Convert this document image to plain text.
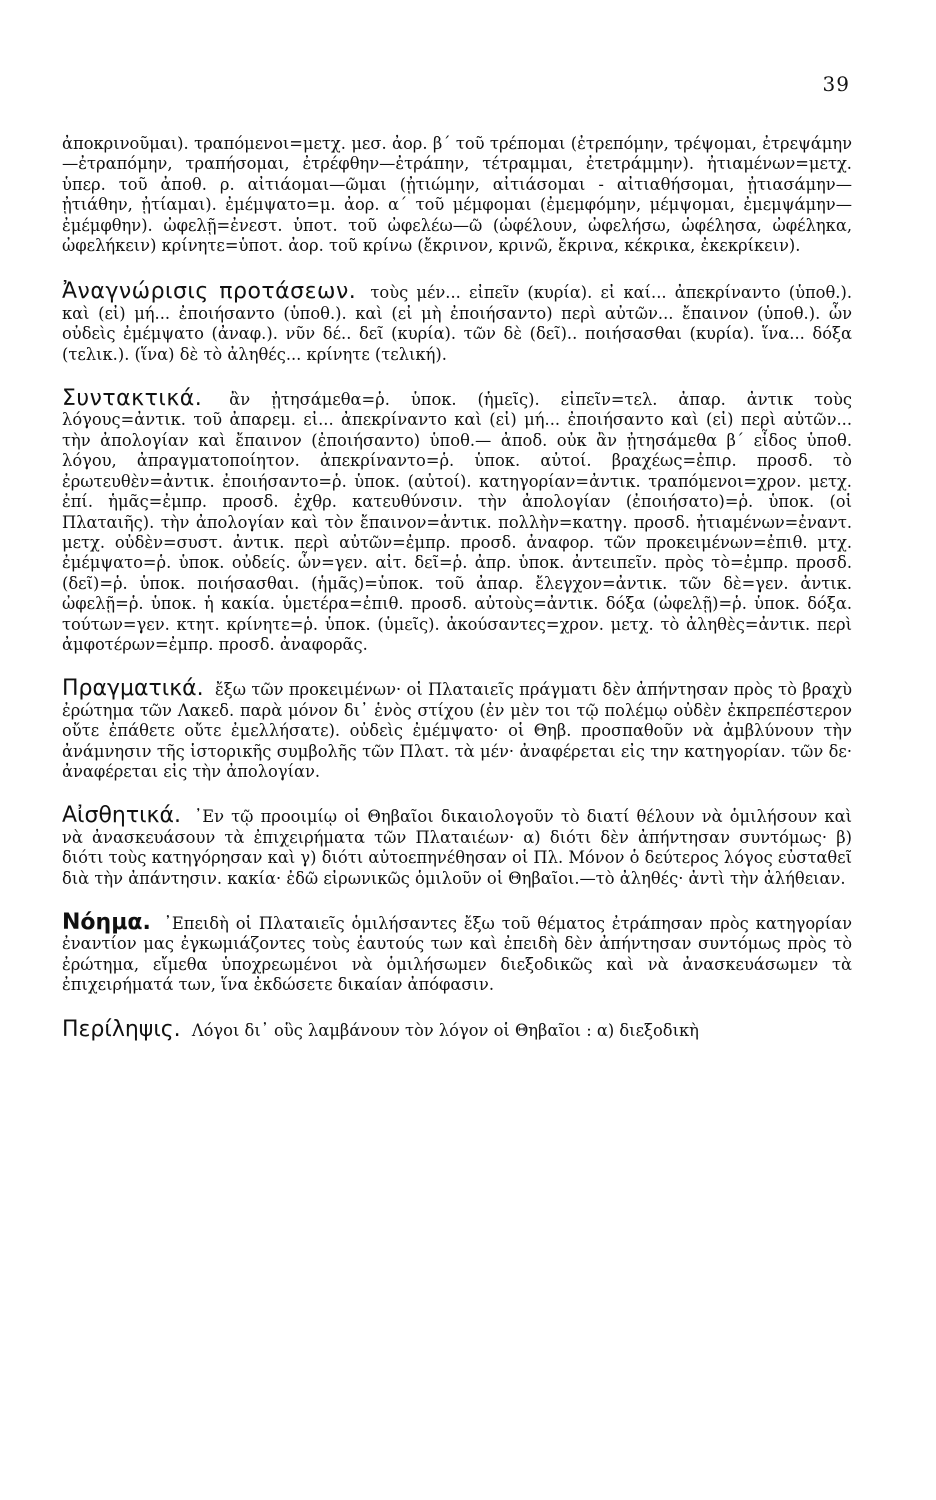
39

ἀποκρινοῦμαι). τραπόμενοι=μετχ. μεσ. ἀορ. β΄ τοῦ τρέπομαι (ἐτρεπόμην, τρέψομαι, ἐτρεψάμην—ἐτραπόμην, τραπήσομαι, ἐτρέφθην—ἐτράπην, τέτραμμαι, ἐτετράμμην). ἠτιαμένων=μετχ. ὑπερ. τοῦ ἀποθ. ρ. αἰτιάομαι—ῶμαι (ᾐτιώμην, αἰτιάσομαι - αἰτιαθήσομαι, ᾐτιασάμην—ᾐτιάθην, ᾐτίαμαι). ἐμέμψατο=μ. ἀορ. α΄ τοῦ μέμφομαι (ἐμεμφόμην, μέμψομαι, ἐμεμψάμην—ἐμέμφθην). ὠφελῇ=ἐνεστ. ὑποτ. τοῦ ὠφελέω—ῶ (ὠφέλουν, ὠφελήσω, ὠφέλησα, ὠφέληκα, ὠφελήκειν) κρίνητε=ὑποτ. ἀορ. τοῦ κρίνω (ἔκρινον, κρινῶ, ἔκρινα, κέκρικα, ἐκεκρίκειν).

Ἀναγνώρισις προτάσεων. τοὺς μέν... εἰπεῖν (κυρία). εἰ καί... ἀπεκρίναντο (ὑποθ.). καὶ (εἰ) μή... ἐποιήσαντο (ὑποθ.). καὶ (εἰ μὴ ἐποιήσαντο) περὶ αὐτῶν... ἔπαινον (ὑποθ.). ὧν οὐδεὶς ἐμέμψατο (ἀναφ.). νῦν δέ.. δεῖ (κυρία). τῶν δὲ (δεῖ).. ποιήσασθαι (κυρία). ἵνα... δόξα (τελικ.). (ἵνα) δὲ τὸ ἀληθές... κρίνητε (τελική).

Συντακτικά. ἂν ᾐτησάμεθα=ῥ. ὑποκ. (ἡμεῖς). εἰπεῖν=τελ. ἀπαρ. ἀντικ τοὺς λόγους=ἀντικ. τοῦ ἀπαρεμ. εἰ... ἀπεκρίναντο καὶ (εἰ) μή... ἐποιήσαντο καὶ (εἰ) περὶ αὐτῶν... τὴν ἀπολογίαν καὶ ἔπαινον (ἐποιήσαντο) ὑποθ.— ἀποδ. οὐκ ἂν ᾐτησάμεθα β΄ εἶδος ὑποθ. λόγου, ἀπραγματοποίητον. ἀπεκρίναντο=ῥ. ὑποκ. αὐτοί. βραχέως=ἐπιρ. προσδ. τὸ ἐρωτευθὲν=ἀντικ. ἐποιήσαντο=ῥ. ὑποκ. (αὐτοί). κατηγορίαν=ἀντικ. τραπόμενοι=χρον. μετχ. ἐπί. ἡμᾶς=ἐμπρ. προσδ. ἐχθρ. κατευθύνσιν. τὴν ἀπολογίαν (ἐποιήσατο)=ῥ. ὑποκ. (οἱ Πλαταιῆς). τὴν ἀπολογίαν καὶ τὸν ἔπαινον=ἀντικ. πολλὴν=κατηγ. προσδ. ἠτιαμένων=ἐναντ. μετχ. οὐδὲν=συστ. ἀντικ. περὶ αὐτῶν=ἐμπρ. προσδ. ἀναφορ. τῶν προκειμένων=ἐπιθ. μτχ. ἐμέμψατο=ῥ. ὑποκ. οὐδείς. ὧν=γεν. αἰτ. δεῖ=ῥ. ἀπρ. ὑποκ. ἀντειπεῖν. πρὸς τὸ=ἐμπρ. προσδ. (δεῖ)=ῥ. ὑποκ. ποιήσασθαι. (ἡμᾶς)=ὑποκ. τοῦ ἀπαρ. ἔλεγχον=ἀντικ. τῶν δὲ=γεν. ἀντικ. ὠφελῇ=ῥ. ὑποκ. ἡ κακία. ὑμετέρα=ἐπιθ. προσδ. αὐτοὺς=ἀντικ. δόξα (ὠφελῇ)=ῥ. ὑποκ. δόξα. τούτων=γεν. κτητ. κρίνητε=ῥ. ὑποκ. (ὑμεῖς). ἀκούσαντες=χρον. μετχ. τὸ ἀληθὲς=ἀντικ. περὶ ἀμφοτέρων=ἐμπρ. προσδ. ἀναφορᾶς.

Πραγματικά. ἔξω τῶν προκειμένων· οἱ Πλαταιεῖς πράγματι δὲν ἀπήντησαν πρὸς τὸ βραχὺ ἐρώτημα τῶν Λακεδ. παρὰ μόνον δι᾽ ἑνὸς στίχου (ἐν μὲν τοι τῷ πολέμῳ οὐδὲν ἐκπρεπέστερον οὔτε ἐπάθετε οὔτε ἐμελλήσατε). οὐδεὶς ἐμέμψατο· οἱ Θηβ. προσπαθοῦν νὰ ἀμβλύνουν τὴν ἀνάμνησιν τῆς ἱστορικῆς συμβολῆς τῶν Πλατ. τὰ μέν· ἀναφέρεται εἰς την κατηγορίαν. τῶν δε· ἀναφέρεται εἰς τὴν ἀπολογίαν.

Αἰσθητικά. ᾿Εν τῷ προοιμίῳ οἱ Θηβαῖοι δικαιολογοῦν τὸ διατί θέλουν νὰ ὁμιλήσουν καὶ νὰ ἀνασκευάσουν τὰ ἐπιχειρήματα τῶν Πλαταιέων· α) διότι δὲν ἀπήντησαν συντόμως· β) διότι τοὺς κατηγόρησαν καὶ γ) διότι αὐτοεπηνέθησαν οἱ Πλ. Μόνον ὁ δεύτερος λόγος εὐσταθεῖ διὰ τὴν ἀπάντησιν. κακία· ἐδῶ εἰρωνικῶς ὁμιλοῦν οἱ Θηβαῖοι.—τὸ ἀληθές· ἀντὶ τὴν ἀλήθειαν.

Νόημα. ᾿Επειδὴ οἱ Πλαταιεῖς ὁμιλήσαντες ἔξω τοῦ θέματος ἐτράπησαν πρὸς κατηγορίαν ἐναντίον μας ἐγκωμιάζοντες τοὺς ἑαυτούς των καὶ ἐπειδὴ δὲν ἀπήντησαν συντόμως πρὸς τὸ ἐρώτημα, εἴμεθα ὑποχρεωμένοι νὰ ὁμιλήσωμεν διεξοδικῶς καὶ νὰ ἀνασκευάσωμεν τὰ ἐπιχειρήματά των, ἵνα ἐκδώσετε δικαίαν ἀπόφασιν.

Περίληψις. Λόγοι δι᾽ οὓς λαμβάνουν τὸν λόγον οἱ Θηβαῖοι : α) διεξοδικὴ
